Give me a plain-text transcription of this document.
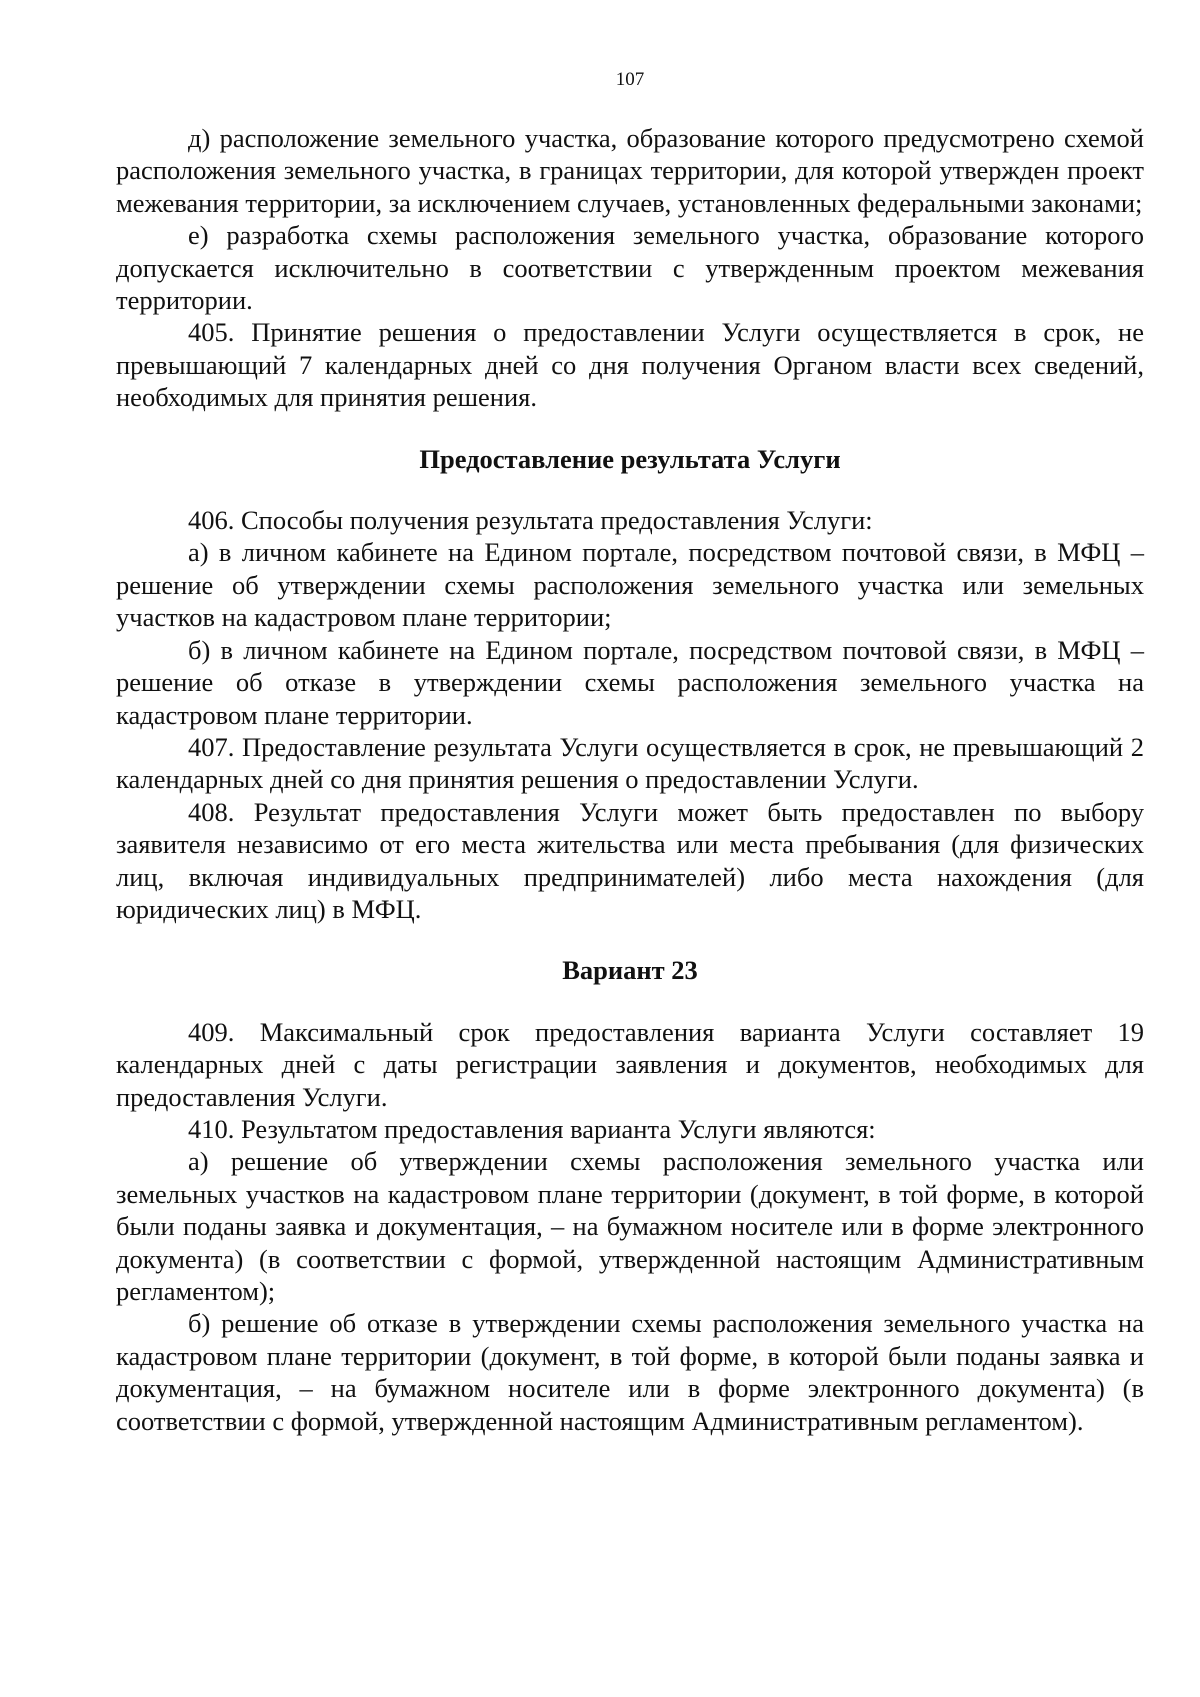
107

д) расположение земельного участка, образование которого предусмотрено схемой расположения земельного участка, в границах территории, для которой утвержден проект межевания территории, за исключением случаев, установленных федеральными законами;

е) разработка схемы расположения земельного участка, образование которого допускается исключительно в соответствии с утвержденным проектом межевания территории.

405. Принятие решения о предоставлении Услуги осуществляется в срок, не превышающий 7 календарных дней со дня получения Органом власти всех сведений, необходимых для принятия решения.

Предоставление результата Услуги

406. Способы получения результата предоставления Услуги:

а) в личном кабинете на Едином портале, посредством почтовой связи, в МФЦ – решение об утверждении схемы расположения земельного участка или земельных участков на кадастровом плане территории;

б) в личном кабинете на Едином портале, посредством почтовой связи, в МФЦ – решение об отказе в утверждении схемы расположения земельного участка на кадастровом плане территории.

407. Предоставление результата Услуги осуществляется в срок, не превышающий 2 календарных дней со дня принятия решения о предоставлении Услуги.

408. Результат предоставления Услуги может быть предоставлен по выбору заявителя независимо от его места жительства или места пребывания (для физических лиц, включая индивидуальных предпринимателей) либо места нахождения (для юридических лиц) в МФЦ.

Вариант 23

409. Максимальный срок предоставления варианта Услуги составляет 19 календарных дней с даты регистрации заявления и документов, необходимых для предоставления Услуги.

410. Результатом предоставления варианта Услуги являются:

а) решение об утверждении схемы расположения земельного участка или земельных участков на кадастровом плане территории (документ, в той форме, в которой были поданы заявка и документация, – на бумажном носителе или в форме электронного документа) (в соответствии с формой, утвержденной настоящим Административным регламентом);

б) решение об отказе в утверждении схемы расположения земельного участка на кадастровом плане территории (документ, в той форме, в которой были поданы заявка и документация, – на бумажном носителе или в форме электронного документа) (в соответствии с формой, утвержденной настоящим Административным регламентом).
